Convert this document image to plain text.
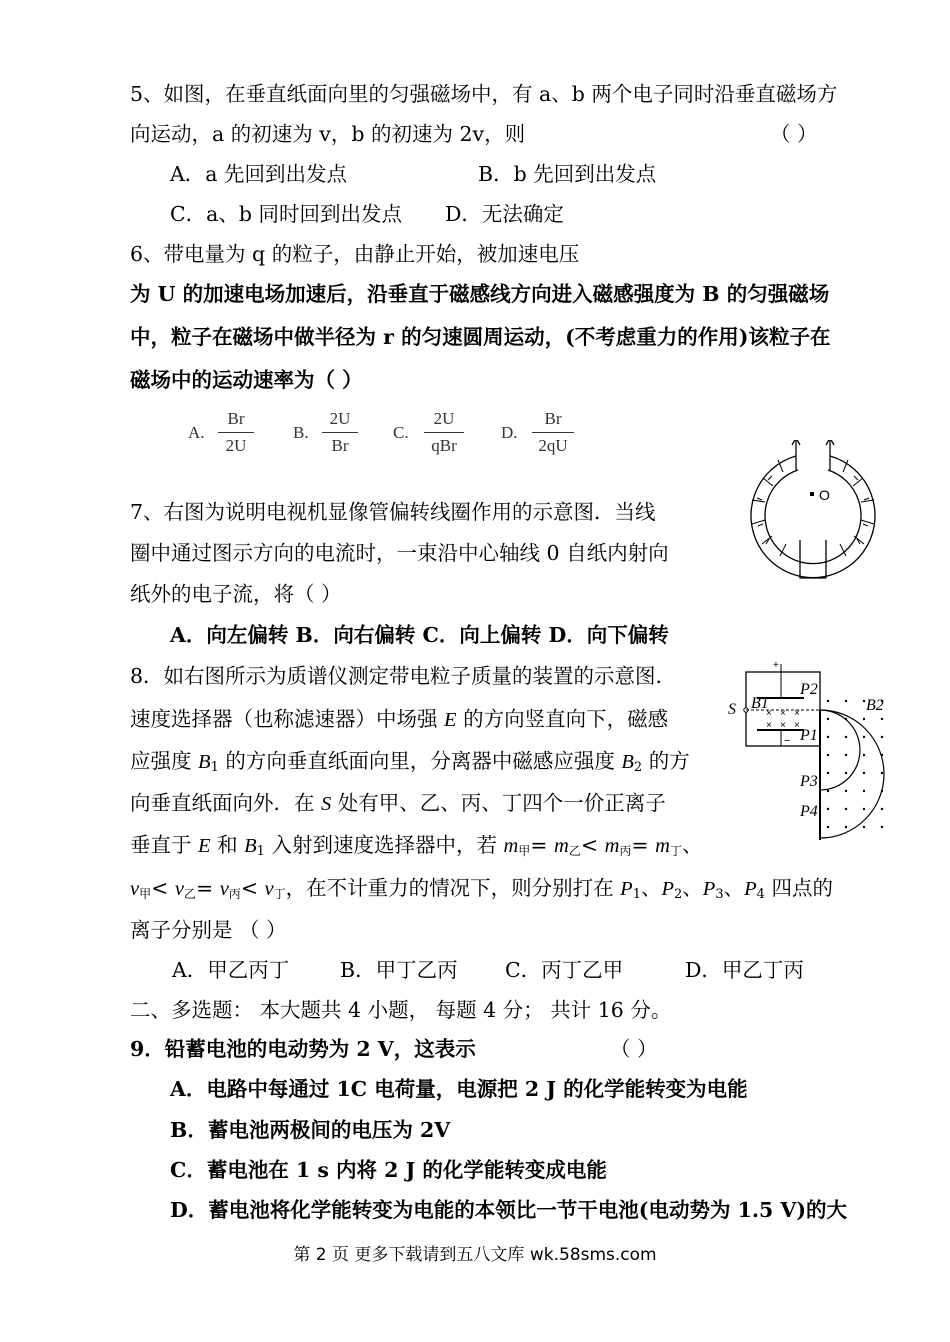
5、如图，在垂直纸面向里的匀强磁场中，有 a、b 两个电子同时沿垂直磁场方
向运动，a 的初速为 v，b 的初速为 2v，则	（ ）
A．a 先回到出发点	B．b 先回到出发点
C．a、b 同时回到出发点 D．无法确定
6、带电量为 q 的粒子，由静止开始，被加速电压
为 U 的加速电场加速后，沿垂直于磁感线方向进入磁感强度为 B 的匀强磁场
中，粒子在磁场中做半径为 r 的匀速圆周运动，(不考虑重力的作用)该粒子在
磁场中的运动速率为（ ）
A.
Br
2U
B.
2U
Br
C.
2U
qBr
D.
Br
2qU
O
7、右图为说明电视机显像管偏转线圈作用的示意图．当线
圈中通过图示方向的电流时，一束沿中心轴线 0 自纸内射向
纸外的电子流，将（ ）
A．向左偏转 B．向右偏转 C．向上偏转 D．向下偏转
+
−
× × ×
× × ×
S B1	B2
P2
P1
P3
P4
8．如右图所示为质谱仪测定带电粒子质量的装置的示意图．
速度选择器（也称滤速器）中场强 E 的方向竖直向下，磁感
应强度 $B_1$ 的方向垂直纸面向里，分离器中磁感应强度 $B_2$ 的方
向垂直纸面向外．在 S 处有甲、乙、丙、丁四个一价正离子
垂直于 E 和 $B_1$ 入射到速度选择器中，若 m甲= m乙< m丙= m丁、
v甲< v乙= v丙< v丁，在不计重力的情况下，则分别打在 $P_1$、$P_2$、$P_3$、$P_4$ 四点的
离子分别是 （ ）
A．甲乙丙丁 B．甲丁乙丙 C．丙丁乙甲	D．甲乙丁丙
二、多选题： 本大题共 4 小题， 每题 4 分； 共计 16 分。
9．铅蓄电池的电动势为 2 V，这表示	（ ）
A．电路中每通过 1C 电荷量，电源把 2 J 的化学能转变为电能
B．蓄电池两极间的电压为 2V
C．蓄电池在 1 s 内将 2 J 的化学能转变成电能
D．蓄电池将化学能转变为电能的本领比一节干电池(电动势为 1.5 V)的大
第 2 页 更多下载请到五八文库 wk.58sms.com
